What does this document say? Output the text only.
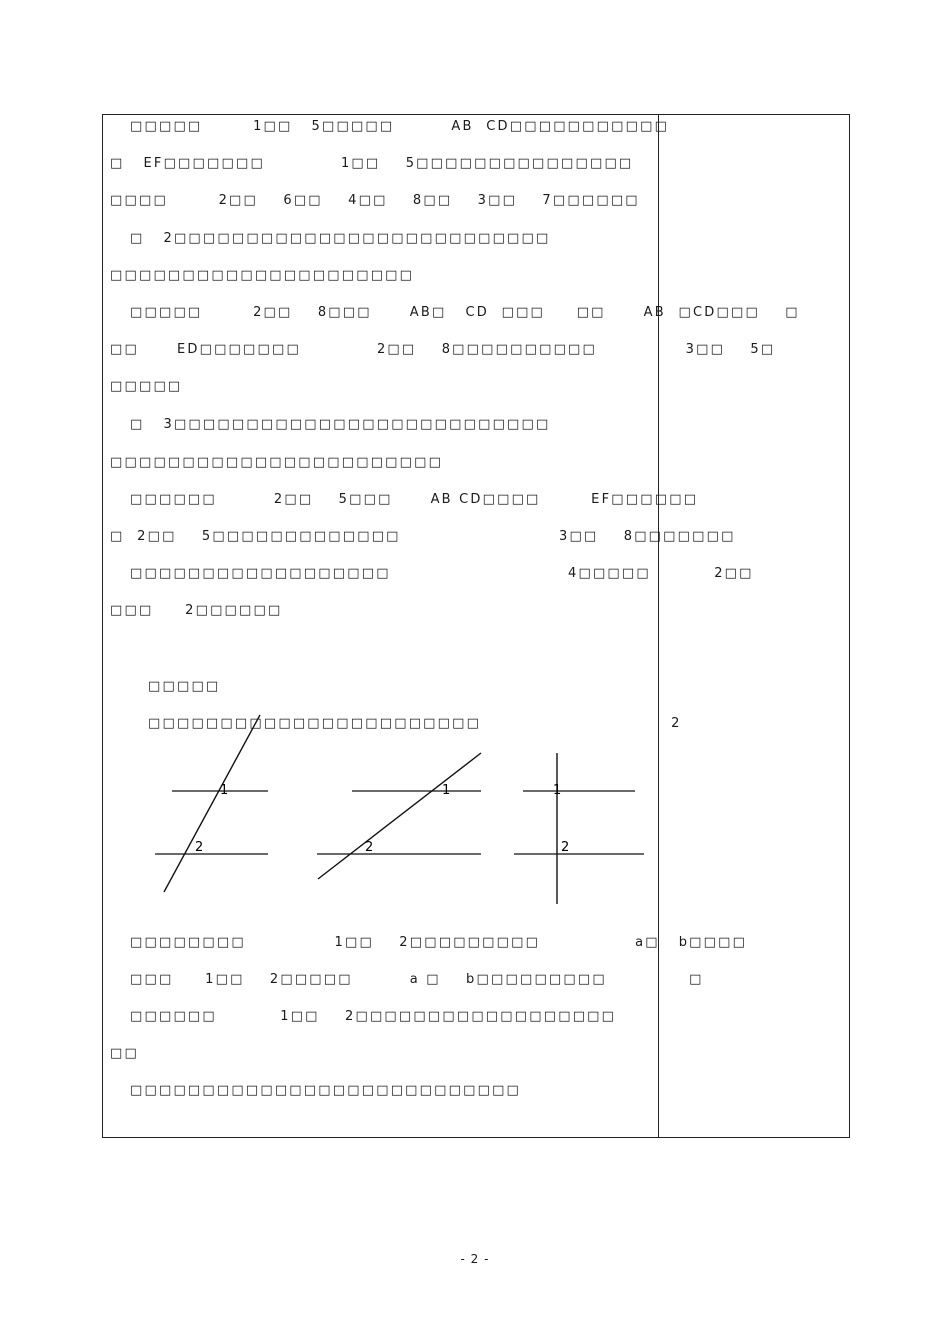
□□□□□        1□□   5□□□□□         AB  CD□□□□□□□□□□□
□   EF□□□□□□□            1□□    5□□□□□□□□□□□□□□□
□□□□        2□□    6□□    4□□    8□□    3□□    7□□□□□□
□   2□□□□□□□□□□□□□□□□□□□□□□□□□□
□□□□□□□□□□□□□□□□□□□□□
□□□□□        2□□    8□□□      AB□   CD  □□□     □□      AB  □CD□□□    □
□□      ED□□□□□□□            2□□    8□□□□□□□□□□              3□□    5□
□□□□□
□   3□□□□□□□□□□□□□□□□□□□□□□□□□□
□□□□□□□□□□□□□□□□□□□□□□□
□□□□□□         2□□    5□□□      AB CD□□□□        EF□□□□□□
□  2□□    5□□□□□□□□□□□□□                         3□□    8□□□□□□□
□□□□□□□□□□□□□□□□□□                            4□□□□□          2□□
□□□     2□□□□□□
□□□□□
□□□□□□□□□□□□□□□□□□□□□□□                              2
1
2
1
2
1
2
□□□□□□□□              1□□    2□□□□□□□□□               a□   b□□□□
□□□     1□□    2□□□□□         a □    b□□□□□□□□□             □
□□□□□□          1□□    2□□□□□□□□□□□□□□□□□□
□□
□□□□□□□□□□□□□□□□□□□□□□□□□□□
- 2 -
